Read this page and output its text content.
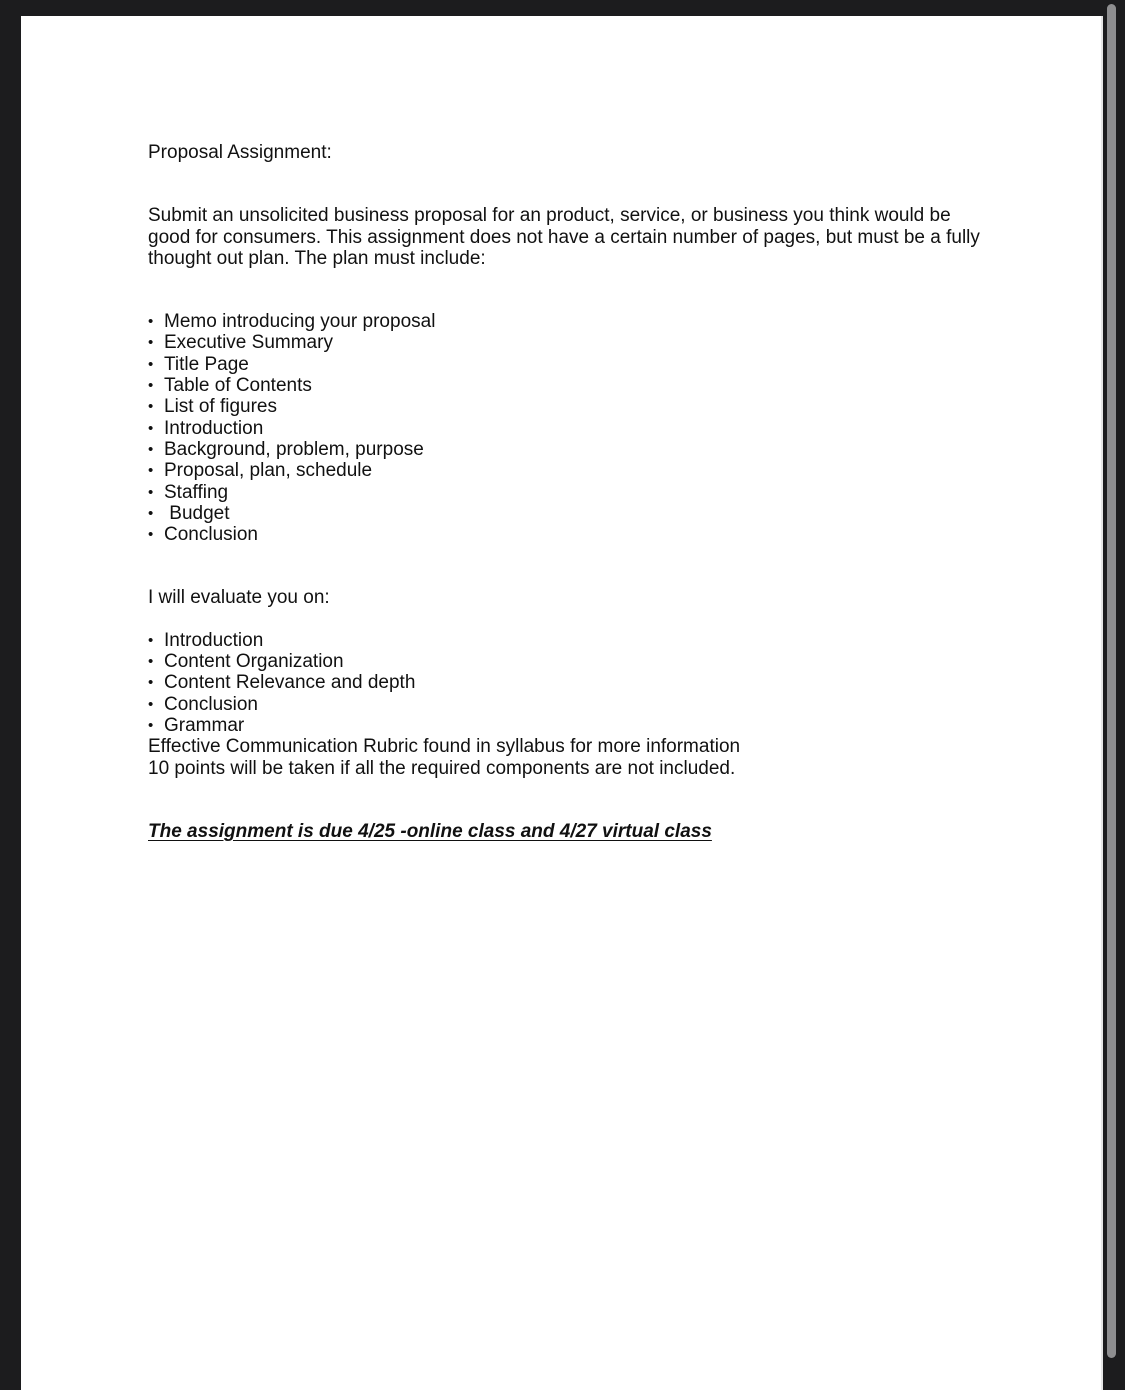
Proposal Assignment:

Submit an unsolicited business proposal for an product, service, or business you think would be good for consumers. This assignment does not have a certain number of pages, but must be a fully thought out plan. The plan must include:

• Memo introducing your proposal
• Executive Summary
• Title Page
• Table of Contents
• List of figures
• Introduction
• Background, problem, purpose
• Proposal, plan, schedule
• Staffing
• Budget
• Conclusion

I will evaluate you on:

• Introduction
• Content Organization
• Content Relevance and depth
• Conclusion
• Grammar

Effective Communication Rubric found in syllabus for more information

10 points will be taken if all the required components are not included.

The assignment is due 4/25 -online class and 4/27 virtual class
